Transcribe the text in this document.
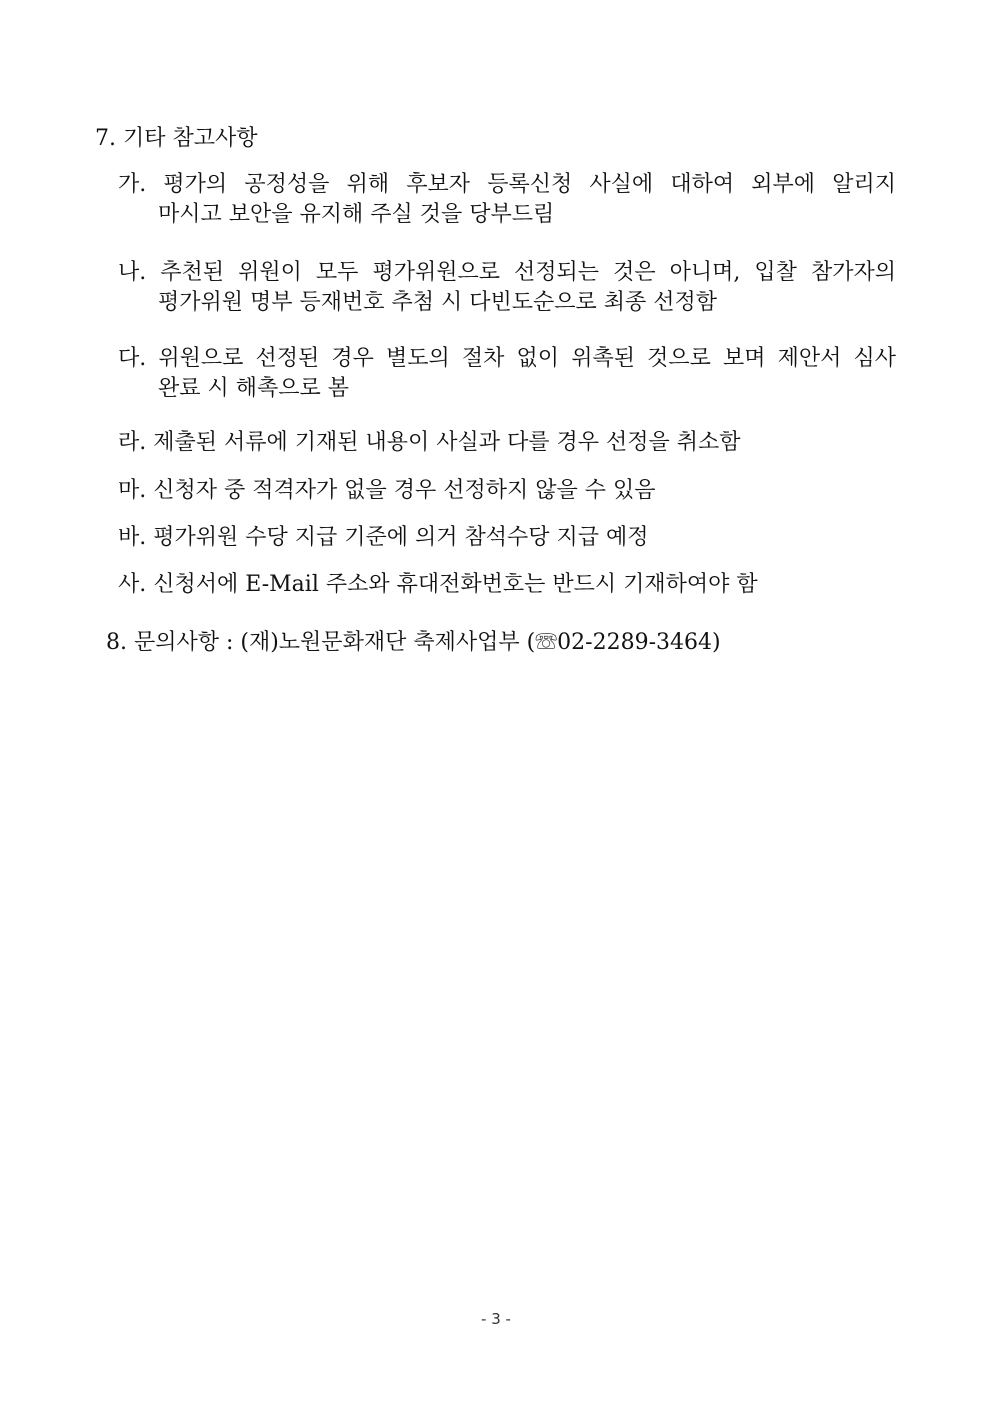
7. 기타 참고사항
가. 평가의 공정성을 위해 후보자 등록신청 사실에 대하여 외부에 알리지
마시고 보안을 유지해 주실 것을 당부드림
나. 추천된 위원이 모두 평가위원으로 선정되는 것은 아니며, 입찰 참가자의
평가위원 명부 등재번호 추첨 시 다빈도순으로 최종 선정함
다. 위원으로 선정된 경우 별도의 절차 없이 위촉된 것으로 보며 제안서 심사
완료 시 해촉으로 봄
라. 제출된 서류에 기재된 내용이 사실과 다를 경우 선정을 취소함
마. 신청자 중 적격자가 없을 경우 선정하지 않을 수 있음
바. 평가위원 수당 지급 기준에 의거 참석수당 지급 예정
사. 신청서에 E-Mail 주소와 휴대전화번호는 반드시 기재하여야 함
8. 문의사항 : (재)노원문화재단 축제사업부 (☏02-2289-3464)
- 3 -
